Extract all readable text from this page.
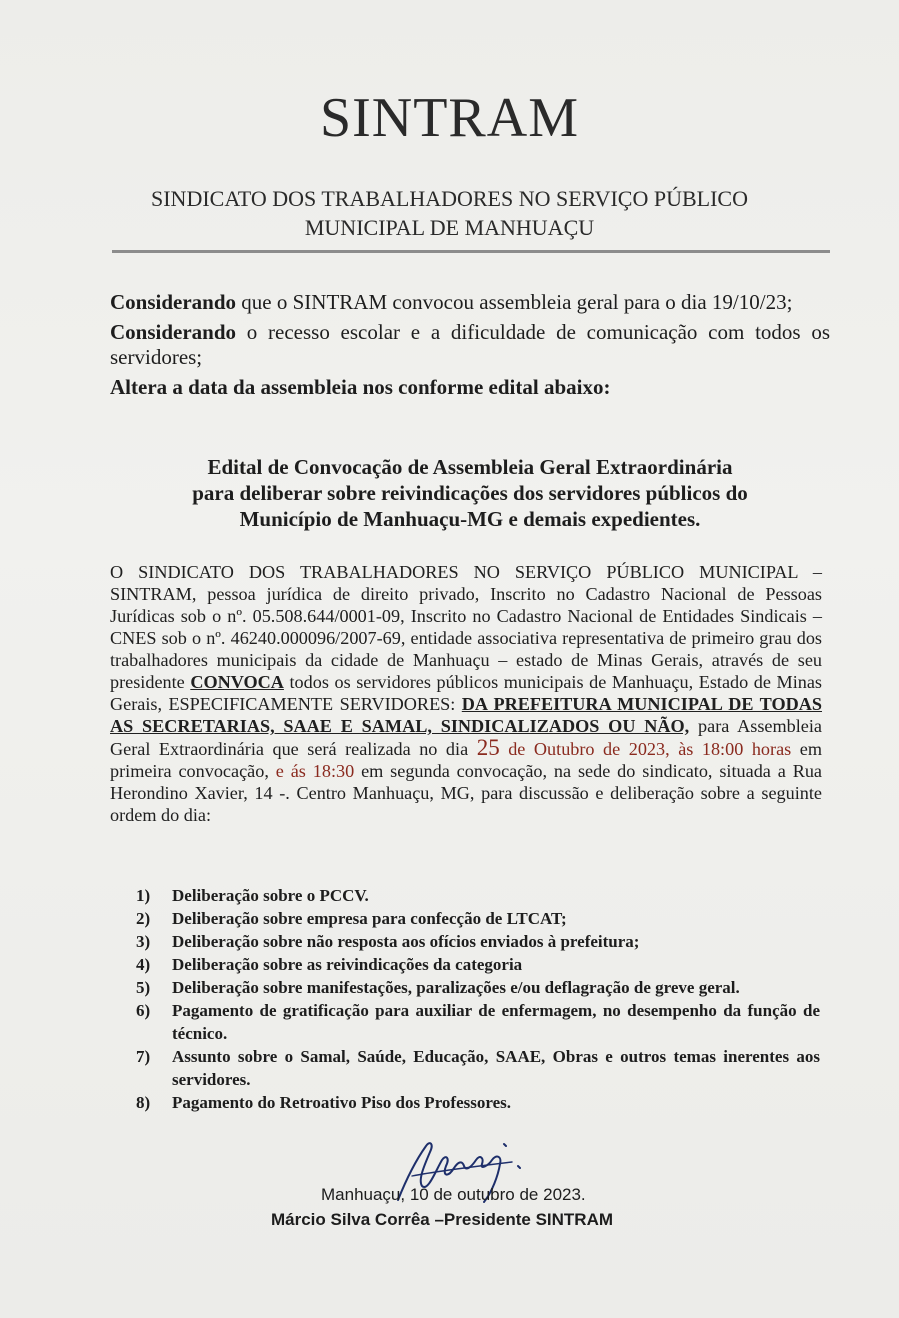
SINTRAM
SINDICATO DOS TRABALHADORES NO SERVIÇO PÚBLICO
MUNICIPAL DE MANHUAÇU

Considerando que o SINTRAM convocou assembleia geral para o dia 19/10/23;

Considerando o recesso escolar e a dificuldade de comunicação com todos os servidores;

Altera a data da assembleia nos conforme edital abaixo:

Edital de Convocação de Assembleia Geral Extraordinária
para deliberar sobre reivindicações dos servidores públicos do
Município de Manhuaçu-MG e demais expedientes.
O SINDICATO DOS TRABALHADORES NO SERVIÇO PÚBLICO MUNICIPAL – SINTRAM, pessoa jurídica de direito privado, Inscrito no Cadastro Nacional de Pessoas Jurídicas sob o nº. 05.508.644/0001-09, Inscrito no Cadastro Nacional de Entidades Sindicais – CNES sob o nº. 46240.000096/2007-69, entidade associativa representativa de primeiro grau dos trabalhadores municipais da cidade de Manhuaçu – estado de Minas Gerais, através de seu presidente CONVOCA todos os servidores públicos municipais de Manhuaçu, Estado de Minas Gerais, ESPECIFICAMENTE SERVIDORES: DA PREFEITURA MUNICIPAL DE TODAS AS SECRETARIAS, SAAE E SAMAL, SINDICALIZADOS OU NÃO, para Assembleia Geral Extraordinária que será realizada no dia 25 de Outubro de 2023, às 18:00 horas em primeira convocação, e ás 18:30 em segunda convocação, na sede do sindicato, situada a Rua Herondino Xavier, 14 -. Centro Manhuaçu, MG, para discussão e deliberação sobre a seguinte ordem do dia:
1)	Deliberação sobre o PCCV.
2)	Deliberação sobre empresa para confecção de LTCAT;
3)	Deliberação sobre não resposta aos ofícios enviados à prefeitura;
4)	Deliberação sobre as reivindicações da categoria
5)	Deliberação sobre manifestações, paralizações e/ou deflagração de greve geral.
6)	Pagamento de gratificação para auxiliar de enfermagem, no desempenho da função de técnico.
7)	Assunto sobre o Samal, Saúde, Educação, SAAE, Obras e outros temas inerentes aos servidores.
8)	Pagamento do Retroativo Piso dos Professores.
Manhuaçu, 10 de outubro de 2023.
Márcio Silva Corrêa –Presidente SINTRAM
